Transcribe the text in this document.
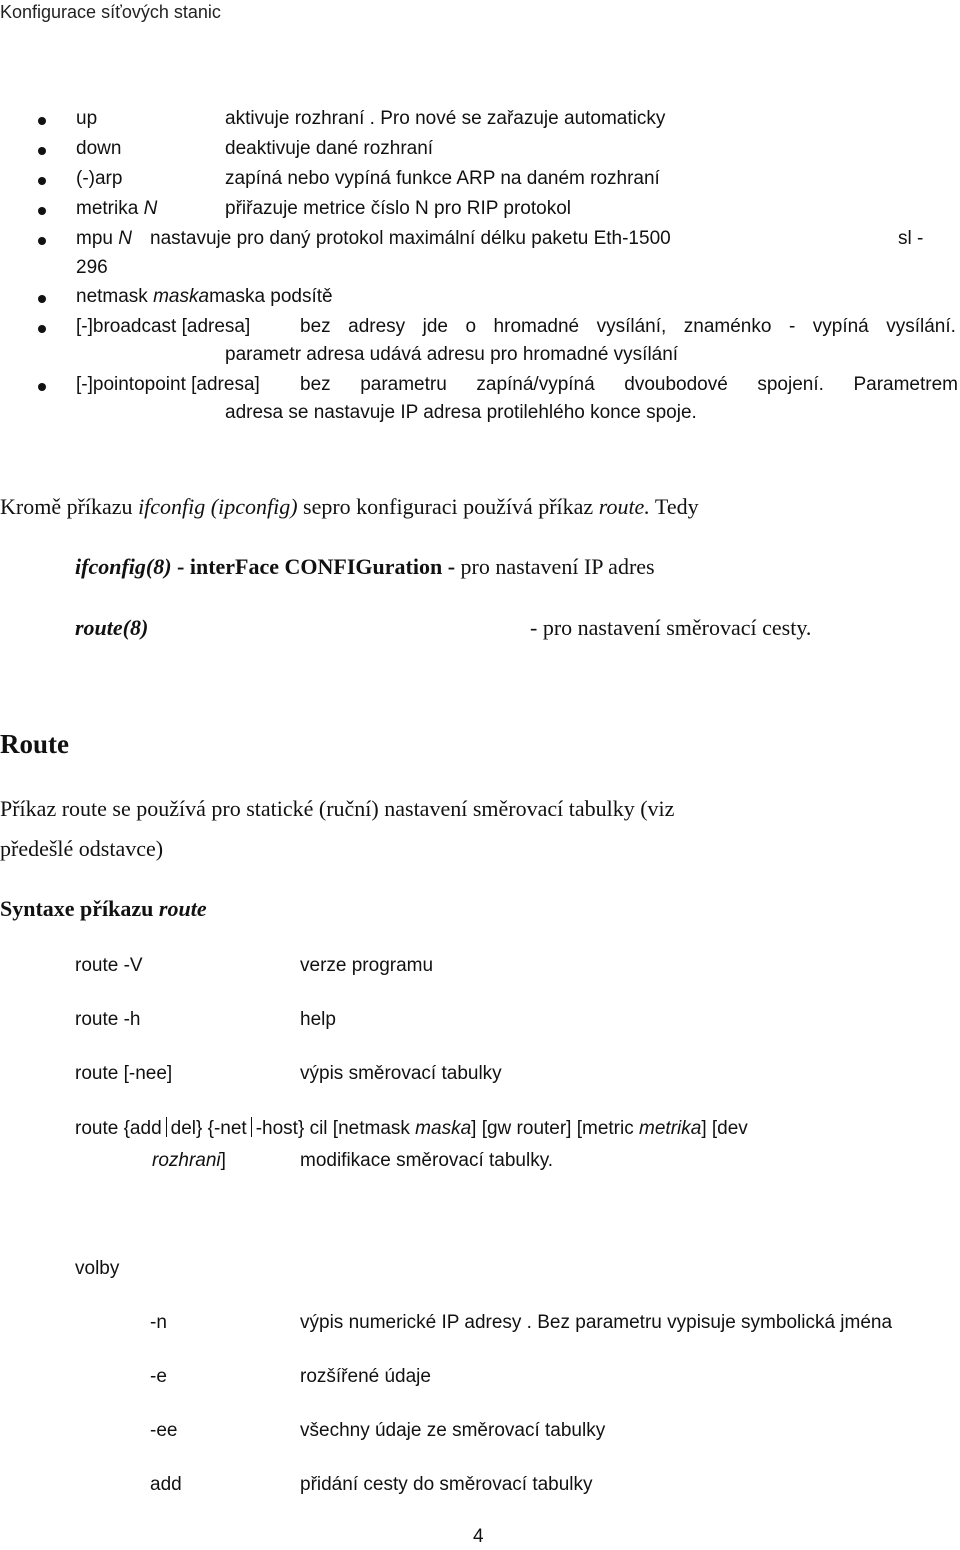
Konfigurace síťových stanic
up	aktivuje rozhraní . Pro nové se zařazuje automaticky
down	deaktivuje dané rozhraní
(-)arp	zapíná nebo vypíná funkce ARP na daném rozhraní
metrika N	přiřazuje metrice číslo N pro RIP protokol
mpu N nastavuje pro daný protokol maximální délku paketu Eth-1500	sl -
296
netmask maskamaska podsítě
[-]broadcast [adresa]	bez adresy jde o hromadné vysílání, znaménko - vypíná vysílání.
parametr adresa udává adresu pro hromadné vysílání
[-]pointopoint [adresa] bez parametru zapíná/vypíná dvoubodové spojení. Parametrem
adresa se nastavuje IP adresa protilehlého konce spoje.
Kromě příkazu ifconfig (ipconfig) sepro konfiguraci používá příkaz route. Tedy
ifconfig(8) - interFace CONFIGuration - pro nastavení IP adres
route(8)	- pro nastavení směrovací cesty.
Route
Příkaz route se používá pro statické (ruční) nastavení směrovací tabulky (viz
předešlé odstavce)
Syntaxe příkazu route
route -V	verze programu
route -h	help
route [-nee]	výpis směrovací tabulky
route {add del} {-net -host} cil [netmask maska] [gw router] [metric metrika] [dev
rozhrani]	modifikace směrovací tabulky.
volby
-n	výpis numerické IP adresy . Bez parametru vypisuje symbolická jména
-e	rozšířené údaje
-ee	všechny údaje ze směrovací tabulky
add	přidání cesty do směrovací tabulky
4
